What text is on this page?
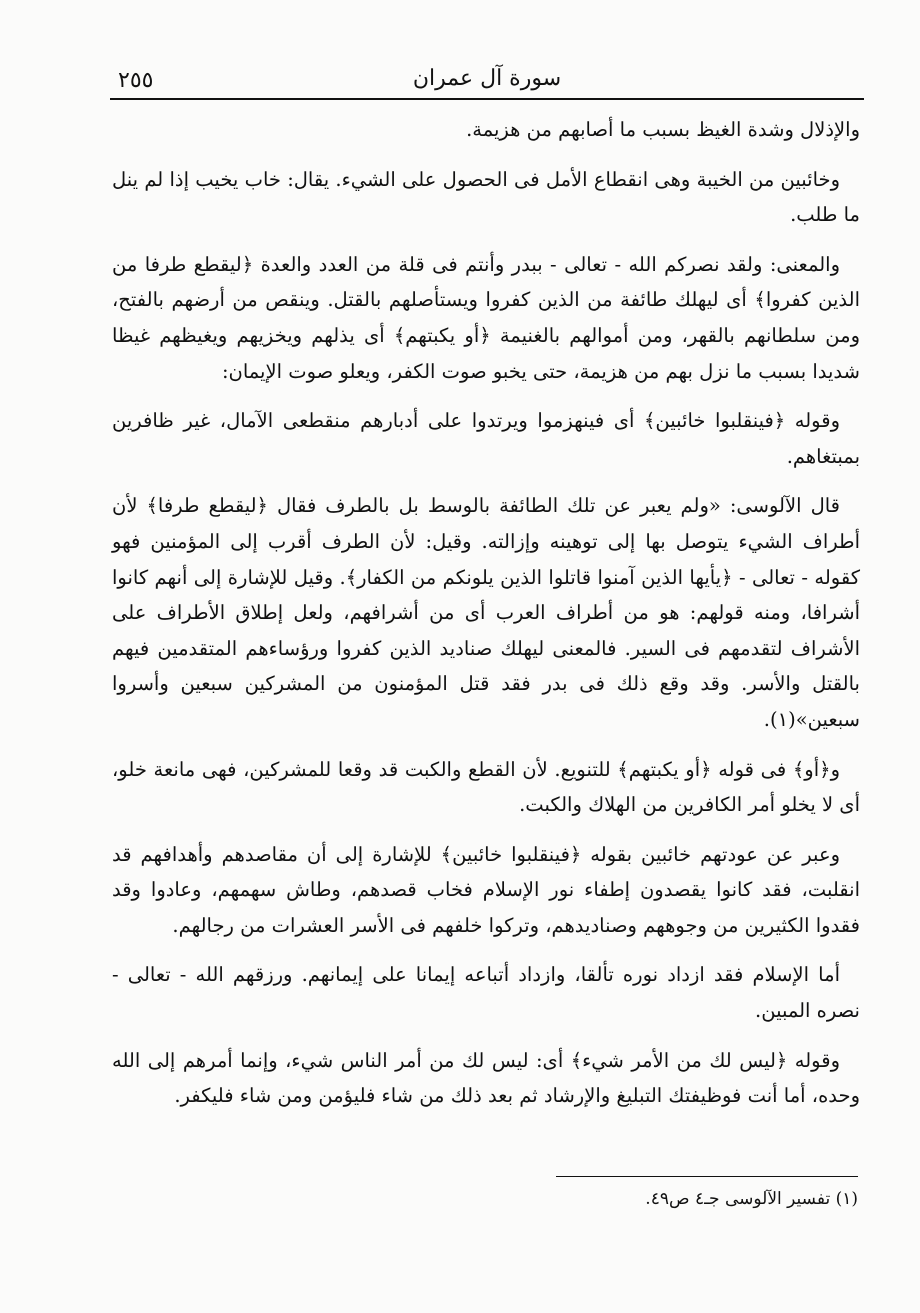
٢٥٥	سورة آل عمران

والإذلال وشدة الغيظ بسبب ما أصابهم من هزيمة.

وخائبين من الخيبة وهى انقطاع الأمل فى الحصول على الشيء. يقال: خاب يخيب إذا لم ينل ما طلب.

والمعنى: ولقد نصركم الله - تعالى - ببدر وأنتم فى قلة من العدد والعدة ﴿ليقطع طرفا من الذين كفروا﴾ أى ليهلك طائفة من الذين كفروا ويستأصلهم بالقتل. وينقص من أرضهم بالفتح، ومن سلطانهم بالقهر، ومن أموالهم بالغنيمة ﴿أو يكبتهم﴾ أى يذلهم ويخزيهم ويغيظهم غيظا شديدا بسبب ما نزل بهم من هزيمة، حتى يخبو صوت الكفر، ويعلو صوت الإيمان:

وقوله ﴿فينقلبوا خائبين﴾ أى فينهزموا ويرتدوا على أدبارهم منقطعى الآمال، غير ظافرين بمبتغاهم.

قال الآلوسى: «ولم يعبر عن تلك الطائفة بالوسط بل بالطرف فقال ﴿ليقطع طرفا﴾ لأن أطراف الشيء يتوصل بها إلى توهينه وإزالته. وقيل: لأن الطرف أقرب إلى المؤمنين فهو كقوله - تعالى - ﴿يأيها الذين آمنوا قاتلوا الذين يلونكم من الكفار﴾. وقيل للإشارة إلى أنهم كانوا أشرافا، ومنه قولهم: هو من أطراف العرب أى من أشرافهم، ولعل إطلاق الأطراف على الأشراف لتقدمهم فى السير. فالمعنى ليهلك صناديد الذين كفروا ورؤساءهم المتقدمين فيهم بالقتل والأسر. وقد وقع ذلك فى بدر فقد قتل المؤمنون من المشركين سبعين وأسروا سبعين»(١).

و﴿أو﴾ فى قوله ﴿أو يكبتهم﴾ للتنويع. لأن القطع والكبت قد وقعا للمشركين، فهى مانعة خلو، أى لا يخلو أمر الكافرين من الهلاك والكبت.

وعبر عن عودتهم خائبين بقوله ﴿فينقلبوا خائبين﴾ للإشارة إلى أن مقاصدهم وأهدافهم قد انقلبت، فقد كانوا يقصدون إطفاء نور الإسلام فخاب قصدهم، وطاش سهمهم، وعادوا وقد فقدوا الكثيرين من وجوههم وصناديدهم، وتركوا خلفهم فى الأسر العشرات من رجالهم.

أما الإسلام فقد ازداد نوره تألقا، وازداد أتباعه إيمانا على إيمانهم. ورزقهم الله - تعالى - نصره المبين.

وقوله ﴿ليس لك من الأمر شيء﴾ أى: ليس لك من أمر الناس شيء، وإنما أمرهم إلى الله وحده، أما أنت فوظيفتك التبليغ والإرشاد ثم بعد ذلك من شاء فليؤمن ومن شاء فليكفر.

(١) تفسير الآلوسى جـ٤ ص٤٩.
